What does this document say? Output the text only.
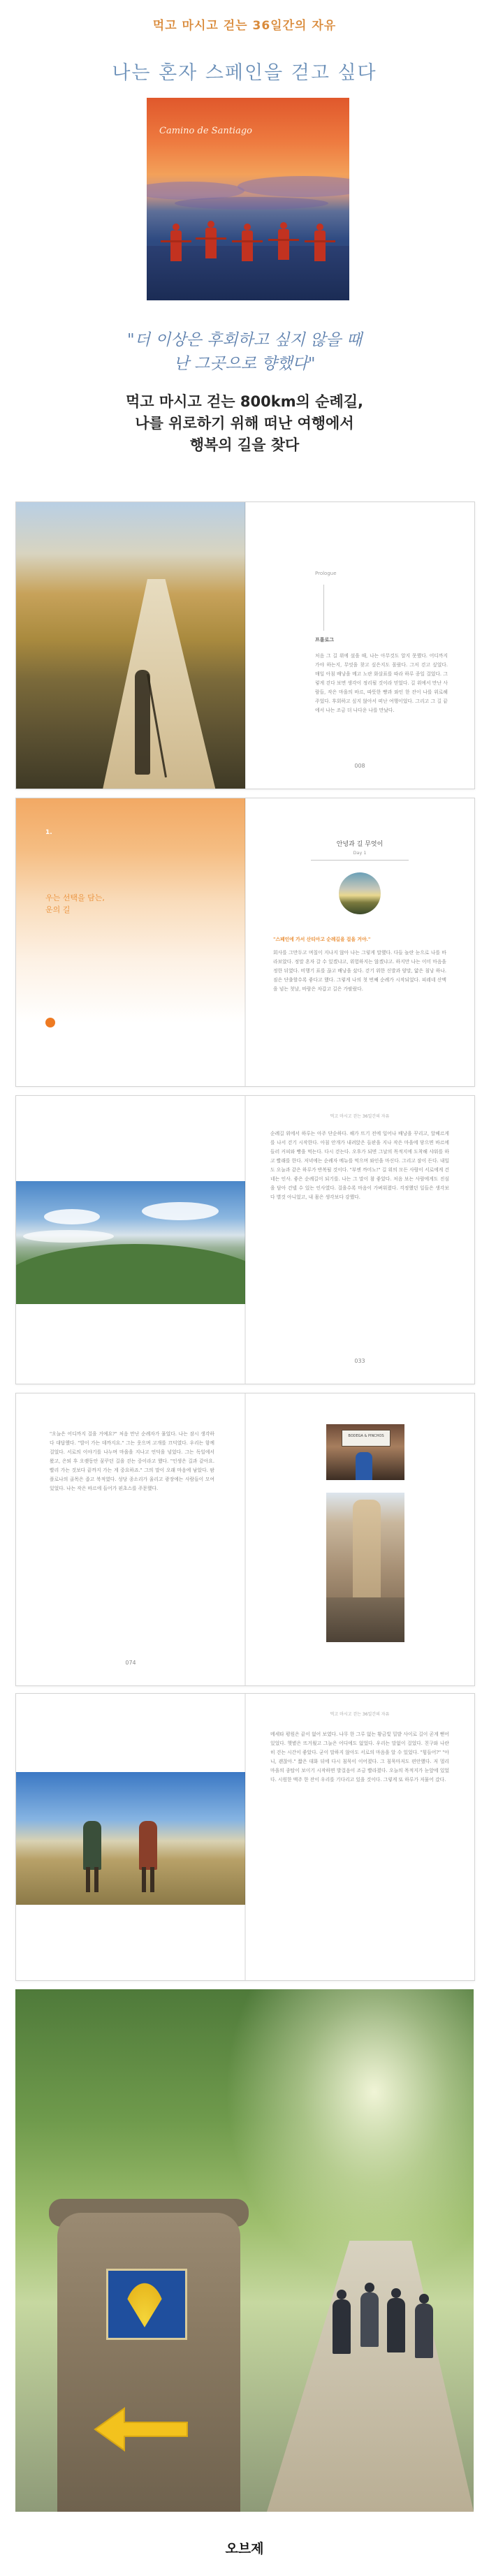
먹고 마시고 걷는 36일간의 자유
나는 혼자 스페인을 걷고 싶다
Camino de Santiago
"더 이상은 후회하고 싶지 않을 때
난 그곳으로 향했다"
먹고 마시고 걷는 800km의 순례길,
나를 위로하기 위해 떠난 여행에서
행복의 길을 찾다
Prologue
프롤로그

처음 그 길 위에 섰을 때, 나는 아무것도 알지 못했다. 어디까지 가야 하는지, 무엇을 찾고 싶은지도 몰랐다. 그저 걷고 싶었다. 매일 아침 배낭을 메고 노란 화살표를 따라 하루 종일 걸었다. 그렇게 걷다 보면 생각이 정리될 것이라 믿었다. 길 위에서 만난 사람들, 작은 마을의 바르, 따뜻한 빵과 와인 한 잔이 나를 위로해 주었다. 후회하고 싶지 않아서 떠난 여행이었다. 그리고 그 길 끝에서 나는 조금 더 나다운 나를 만났다.

008
1.
우는 선택을 담는,
운의 길
안녕과 길 무엇이
Day 1

"스페인에 가서 산티아고 순례길을 걸을 거야."

회사를 그만두고 며칠이 지나지 않아 나는 그렇게 말했다. 다들 놀란 눈으로 나를 바라보았다. 정말 혼자 갈 수 있겠냐고, 위험하지는 않겠냐고. 하지만 나는 이미 마음을 정한 뒤였다. 비행기 표를 끊고 배낭을 샀다. 걷기 위한 신발과 양말, 얇은 침낭 하나. 짐은 단출할수록 좋다고 했다. 그렇게 나의 첫 번째 순례가 시작되었다. 피레네 산맥을 넘는 첫날, 바람은 차갑고 길은 가팔랐다.

먹고 마시고 걷는 36일간의 자유

순례길 위에서 하루는 아주 단순하다. 해가 뜨기 전에 일어나 배낭을 꾸리고, 알베르게를 나서 걷기 시작한다. 아침 안개가 내려앉은 들판을 지나 작은 마을에 닿으면 바르에 들러 커피와 빵을 먹는다. 다시 걷는다. 오후가 되면 그날의 목적지에 도착해 샤워를 하고 빨래를 한다. 저녁에는 순례자 메뉴를 먹으며 와인을 마신다. 그리고 잠이 든다. 내일도 오늘과 같은 하루가 반복될 것이다. "부엔 까미노!" 길 위의 모든 사람이 서로에게 건네는 인사. 좋은 순례길이 되기를. 나는 그 말이 참 좋았다. 처음 보는 사람에게도 진심을 담아 건넬 수 있는 인사였다. 걸을수록 마음이 가벼워졌다. 걱정했던 일들은 생각보다 별것 아니었고, 내 몸은 생각보다 강했다.

033

"오늘은 어디까지 걸을 거예요?" 처음 만난 순례자가 물었다. 나는 잠시 생각하다 대답했다. "발이 가는 데까지요." 그는 웃으며 고개를 끄덕였다. 우리는 함께 걸었다. 서로의 이야기를 나누며 마을을 지나고 언덕을 넘었다. 그는 독일에서 왔고, 은퇴 후 오랫동안 꿈꾸던 길을 걷는 중이라고 했다. "인생은 길과 같아요. 빨리 가는 것보다 끝까지 가는 게 중요하죠." 그의 말이 오래 마음에 남았다. 팜플로나의 골목은 좁고 북적였다. 성당 종소리가 울리고 광장에는 사람들이 모여 있었다. 나는 작은 바르에 들어가 핀초스를 주문했다.

074
BODEGA & PINCHOS
먹고 마시고 걷는 36일간의 자유

메세타 평원은 끝이 없어 보였다. 나무 한 그루 없는 황금빛 밀밭 사이로 길이 곧게 뻗어 있었다. 햇볕은 뜨거웠고 그늘은 어디에도 없었다. 우리는 말없이 걸었다. 친구와 나란히 걷는 시간이 좋았다. 굳이 말하지 않아도 서로의 마음을 알 수 있었다. "힘들어?" "아니, 괜찮아." 짧은 대화 뒤에 다시 침묵이 이어졌다. 그 침묵마저도 편안했다. 저 멀리 마을의 종탑이 보이기 시작하면 발걸음이 조금 빨라졌다. 오늘의 목적지가 눈앞에 있었다. 시원한 맥주 한 잔이 우리를 기다리고 있을 것이다. 그렇게 또 하루가 저물어 갔다.

오브제
